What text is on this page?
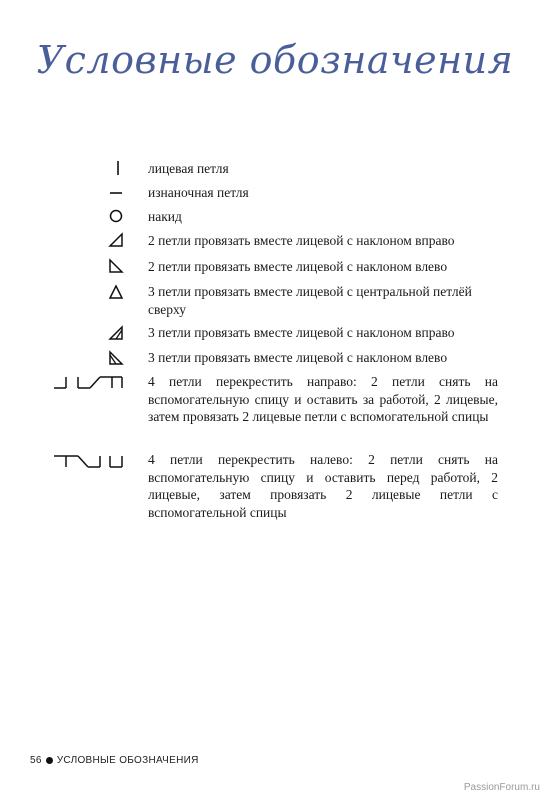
Условные обозначения
лицевая петля
изнаночная петля
накид
2 петли провязать вместе лицевой с наклоном вправо
2 петли провязать вместе лицевой с наклоном влево
3 петли провязать вместе лицевой с центральной петлёй сверху
3 петли провязать вместе лицевой с наклоном вправо
3 петли провязать вместе лицевой с наклоном влево
4 петли перекрестить направо: 2 петли снять на вспомогательную спицу и оставить за работой, 2 лицевые, затем провязать 2 лицевые петли с вспомогательной спицы
4 петли перекрестить налево: 2 петли снять на вспомогательную спицу и оставить перед работой, 2 лицевые, затем провязать 2 лицевые петли с вспомогательной спицы
56 УСЛОВНЫЕ ОБОЗНАЧЕНИЯ
PassionForum.ru
